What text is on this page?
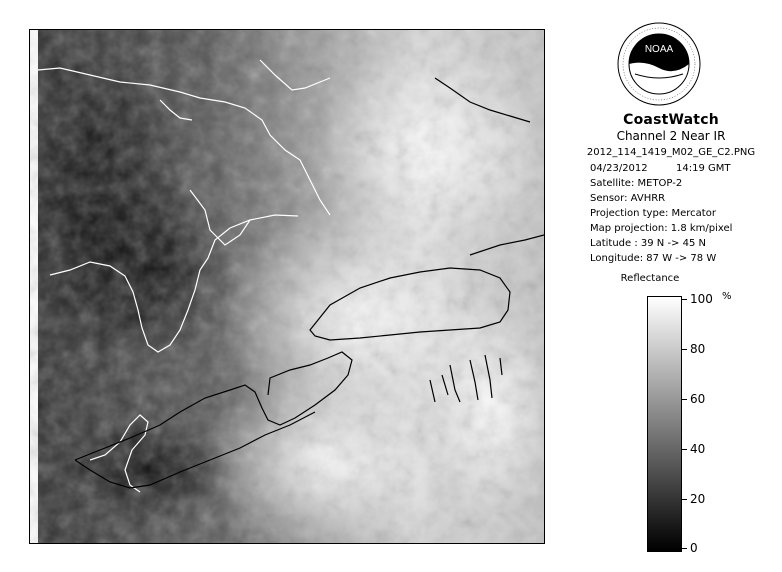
NOAA
CoastWatch
Channel 2 Near IR
2012_114_1419_M02_GE_C2.PNG
04/23/2012	14:19 GMT
Satellite: METOP-2
Sensor: AVHRR
Projection type: Mercator
Map projection: 1.8 km/pixel
Latitude : 39 N -> 45 N
Longitude: 87 W -> 78 W
Reflectance
%
100
80
60
40
20
0
